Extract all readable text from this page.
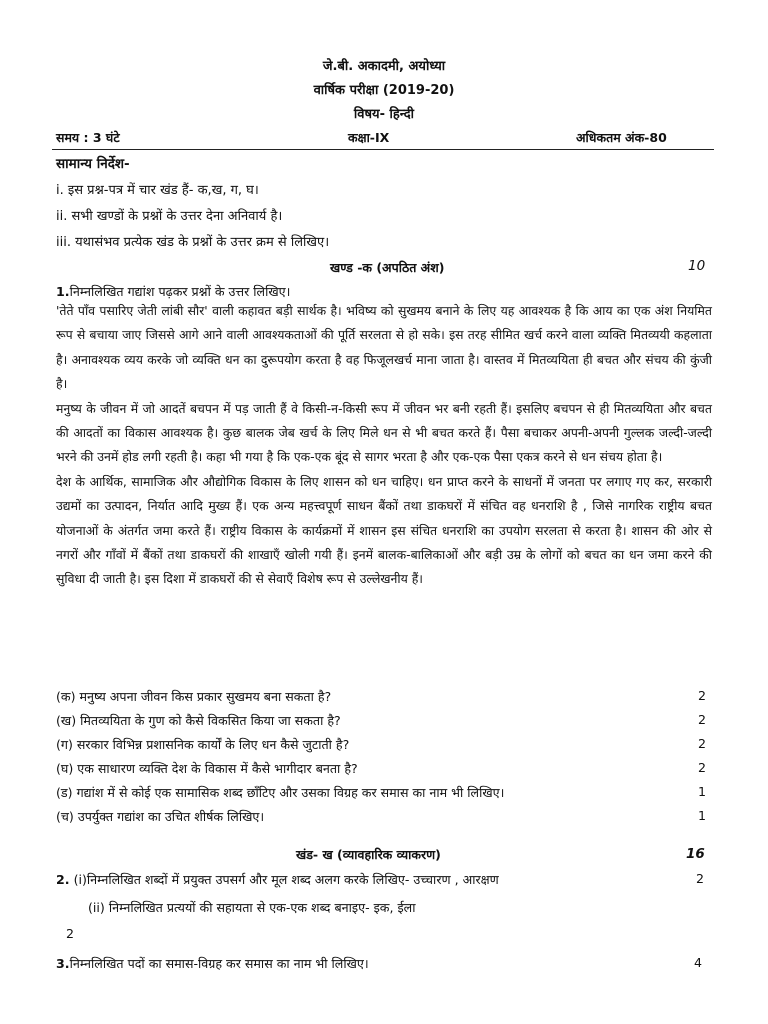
जे.बी. अकादमी, अयोध्या
वार्षिक परीक्षा (2019-20)
विषय- हिन्दी
समय : 3 घंटे	कक्षा-IX	अधिकतम अंक-80
सामान्य निर्देश-
i. इस प्रश्न-पत्र में चार खंड हैं- क,ख, ग, घ।
ii. सभी खण्डों के प्रश्नों के उत्तर देना अनिवार्य है।
iii. यथासंभव प्रत्येक खंड के प्रश्नों के उत्तर क्रम से लिखिए।
खण्ड -क (अपठित अंश)	10
1.निम्नलिखित गद्यांश पढ़कर प्रश्नों के उत्तर लिखिए।

'तेते पाँव पसारिए जेती लांबी सौर' वाली कहावत बड़ी सार्थक है। भविष्य को सुखमय बनाने के लिए यह आवश्यक है कि आय का एक अंश नियमित रूप से बचाया जाए जिससे आगे आने वाली आवश्यकताओं की पूर्ति सरलता से हो सके। इस तरह सीमित खर्च करने वाला व्यक्ति मितव्ययी कहलाता है। अनावश्यक व्यय करके जो व्यक्ति धन का दुरूपयोग करता है वह फिजूलखर्च माना जाता है। वास्तव में मितव्ययिता ही बचत और संचय की कुंजी है।

मनुष्य के जीवन में जो आदतें बचपन में पड़ जाती हैं वे किसी-न-किसी रूप में जीवन भर बनी रहती हैं। इसलिए बचपन से ही मितव्ययिता और बचत की आदतों का विकास आवश्यक है। कुछ बालक जेब खर्च के लिए मिले धन से भी बचत करते हैं। पैसा बचाकर अपनी-अपनी गुल्लक जल्दी-जल्दी भरने की उनमें होड लगी रहती है। कहा भी गया है कि एक-एक बूंद से सागर भरता है और एक-एक पैसा एकत्र करने से धन संचय होता है।

देश के आर्थिक, सामाजिक और औद्योगिक विकास के लिए शासन को धन चाहिए। धन प्राप्त करने के साधनों में जनता पर लगाए गए कर, सरकारी उद्यमों का उत्पादन, निर्यात आदि मुख्य हैं। एक अन्य महत्त्वपूर्ण साधन बैंकों तथा डाकघरों में संचित वह धनराशि है , जिसे नागरिक राष्ट्रीय बचत योजनाओं के अंतर्गत जमा करते हैं। राष्ट्रीय विकास के कार्यक्रमों में शासन इस संचित धनराशि का उपयोग सरलता से करता है। शासन की ओर से नगरों और गाँवों में बैंकों तथा डाकघरों की शाखाएँ खोली गयी हैं। इनमें बालक-बालिकाओं और बड़ी उम्र के लोगों को बचत का धन जमा करने की सुविधा दी जाती है। इस दिशा में डाकघरों की से सेवाएँ विशेष रूप से उल्लेखनीय हैं।

(क) मनुष्य अपना जीवन किस प्रकार सुखमय बना सकता है?	2
(ख) मितव्ययिता के गुण को कैसे विकसित किया जा सकता है?	2
(ग) सरकार विभिन्न प्रशासनिक कार्यों के लिए धन कैसे जुटाती है?	2
(घ) एक साधारण व्यक्ति देश के विकास में कैसे भागीदार बनता है?	2
(ड) गद्यांश में से कोई एक सामासिक शब्द छाँटिए और उसका विग्रह कर समास का नाम भी लिखिए।	1
(च) उपर्युक्त गद्यांश का उचित शीर्षक लिखिए।	1
खंड- ख (व्यावहारिक व्याकरण)	16
2. (i)निम्नलिखित शब्दों में प्रयुक्त उपसर्ग और मूल शब्द अलग करके लिखिए- उच्चारण , आरक्षण	2
(ii) निम्नलिखित प्रत्ययों की सहायता से एक-एक शब्द बनाइए- इक, ईला
2
3.निम्नलिखित पदों का समास-विग्रह कर समास का नाम भी लिखिए।	4
